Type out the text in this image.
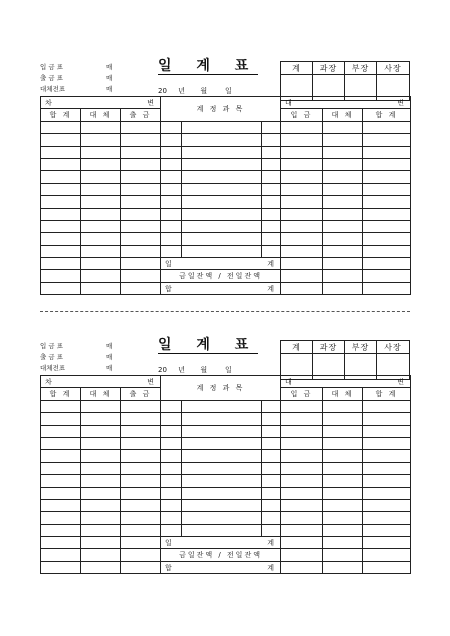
입 금 표	매
출 금 표	매
대체전표	매
일 계 표
20 년 월	일
계	과장	부장	사장
차 변			계 정 과 목			대 변		

합 계	대 체	출 금				입 금	대 체	합 계

			일 계					

			금일잔액 / 전일잔액					

			합 계					

입 금 표	매
출 금 표	매
대체전표	매
일 계 표
20 년 월	일
계	과장	부장	사장
차 변			계 정 과 목			대 변		

합 계	대 체	출 금				입 금	대 체	합 계

			일 계					

			금일잔액 / 전일잔액					

			합 계					
